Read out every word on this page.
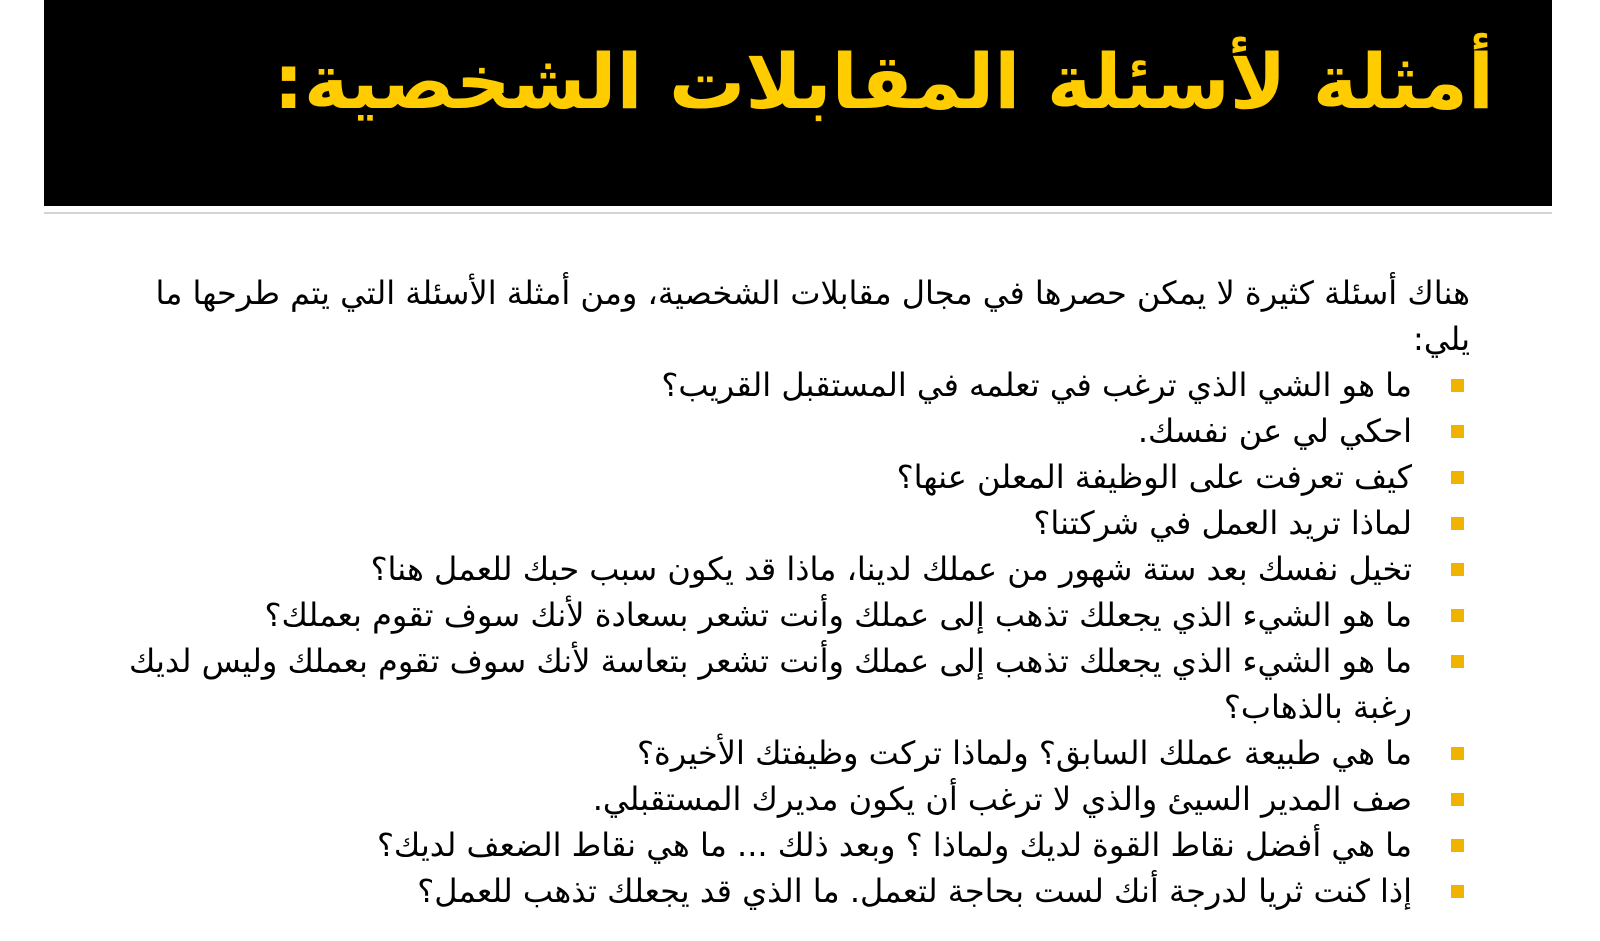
أمثلة لأسئلة المقابلات الشخصية:

هناك أسئلة كثيرة لا يمكن حصرها في مجال مقابلات الشخصية، ومن أمثلة الأسئلة التي يتم طرحها ما يلي:

ما هو الشي الذي ترغب في تعلمه في المستقبل القريب؟
احكي لي عن نفسك.
كيف تعرفت على الوظيفة المعلن عنها؟
لماذا تريد العمل في شركتنا؟
تخيل نفسك بعد ستة شهور من عملك لدينا، ماذا قد يكون سبب حبك للعمل هنا؟
ما هو الشيء الذي يجعلك تذهب إلى عملك وأنت تشعر بسعادة لأنك سوف تقوم بعملك؟
ما هو الشيء الذي يجعلك تذهب إلى عملك وأنت تشعر بتعاسة لأنك سوف تقوم بعملك وليس لديك رغبة بالذهاب؟
ما هي طبيعة عملك السابق؟ ولماذا تركت وظيفتك الأخيرة؟
صف المدير السيئ والذي لا ترغب أن يكون مديرك المستقبلي.
ما هي أفضل نقاط القوة لديك ولماذا ؟ وبعد ذلك ... ما هي نقاط الضعف لديك؟
إذا كنت ثريا لدرجة أنك لست بحاجة لتعمل. ما الذي قد يجعلك تذهب للعمل؟
